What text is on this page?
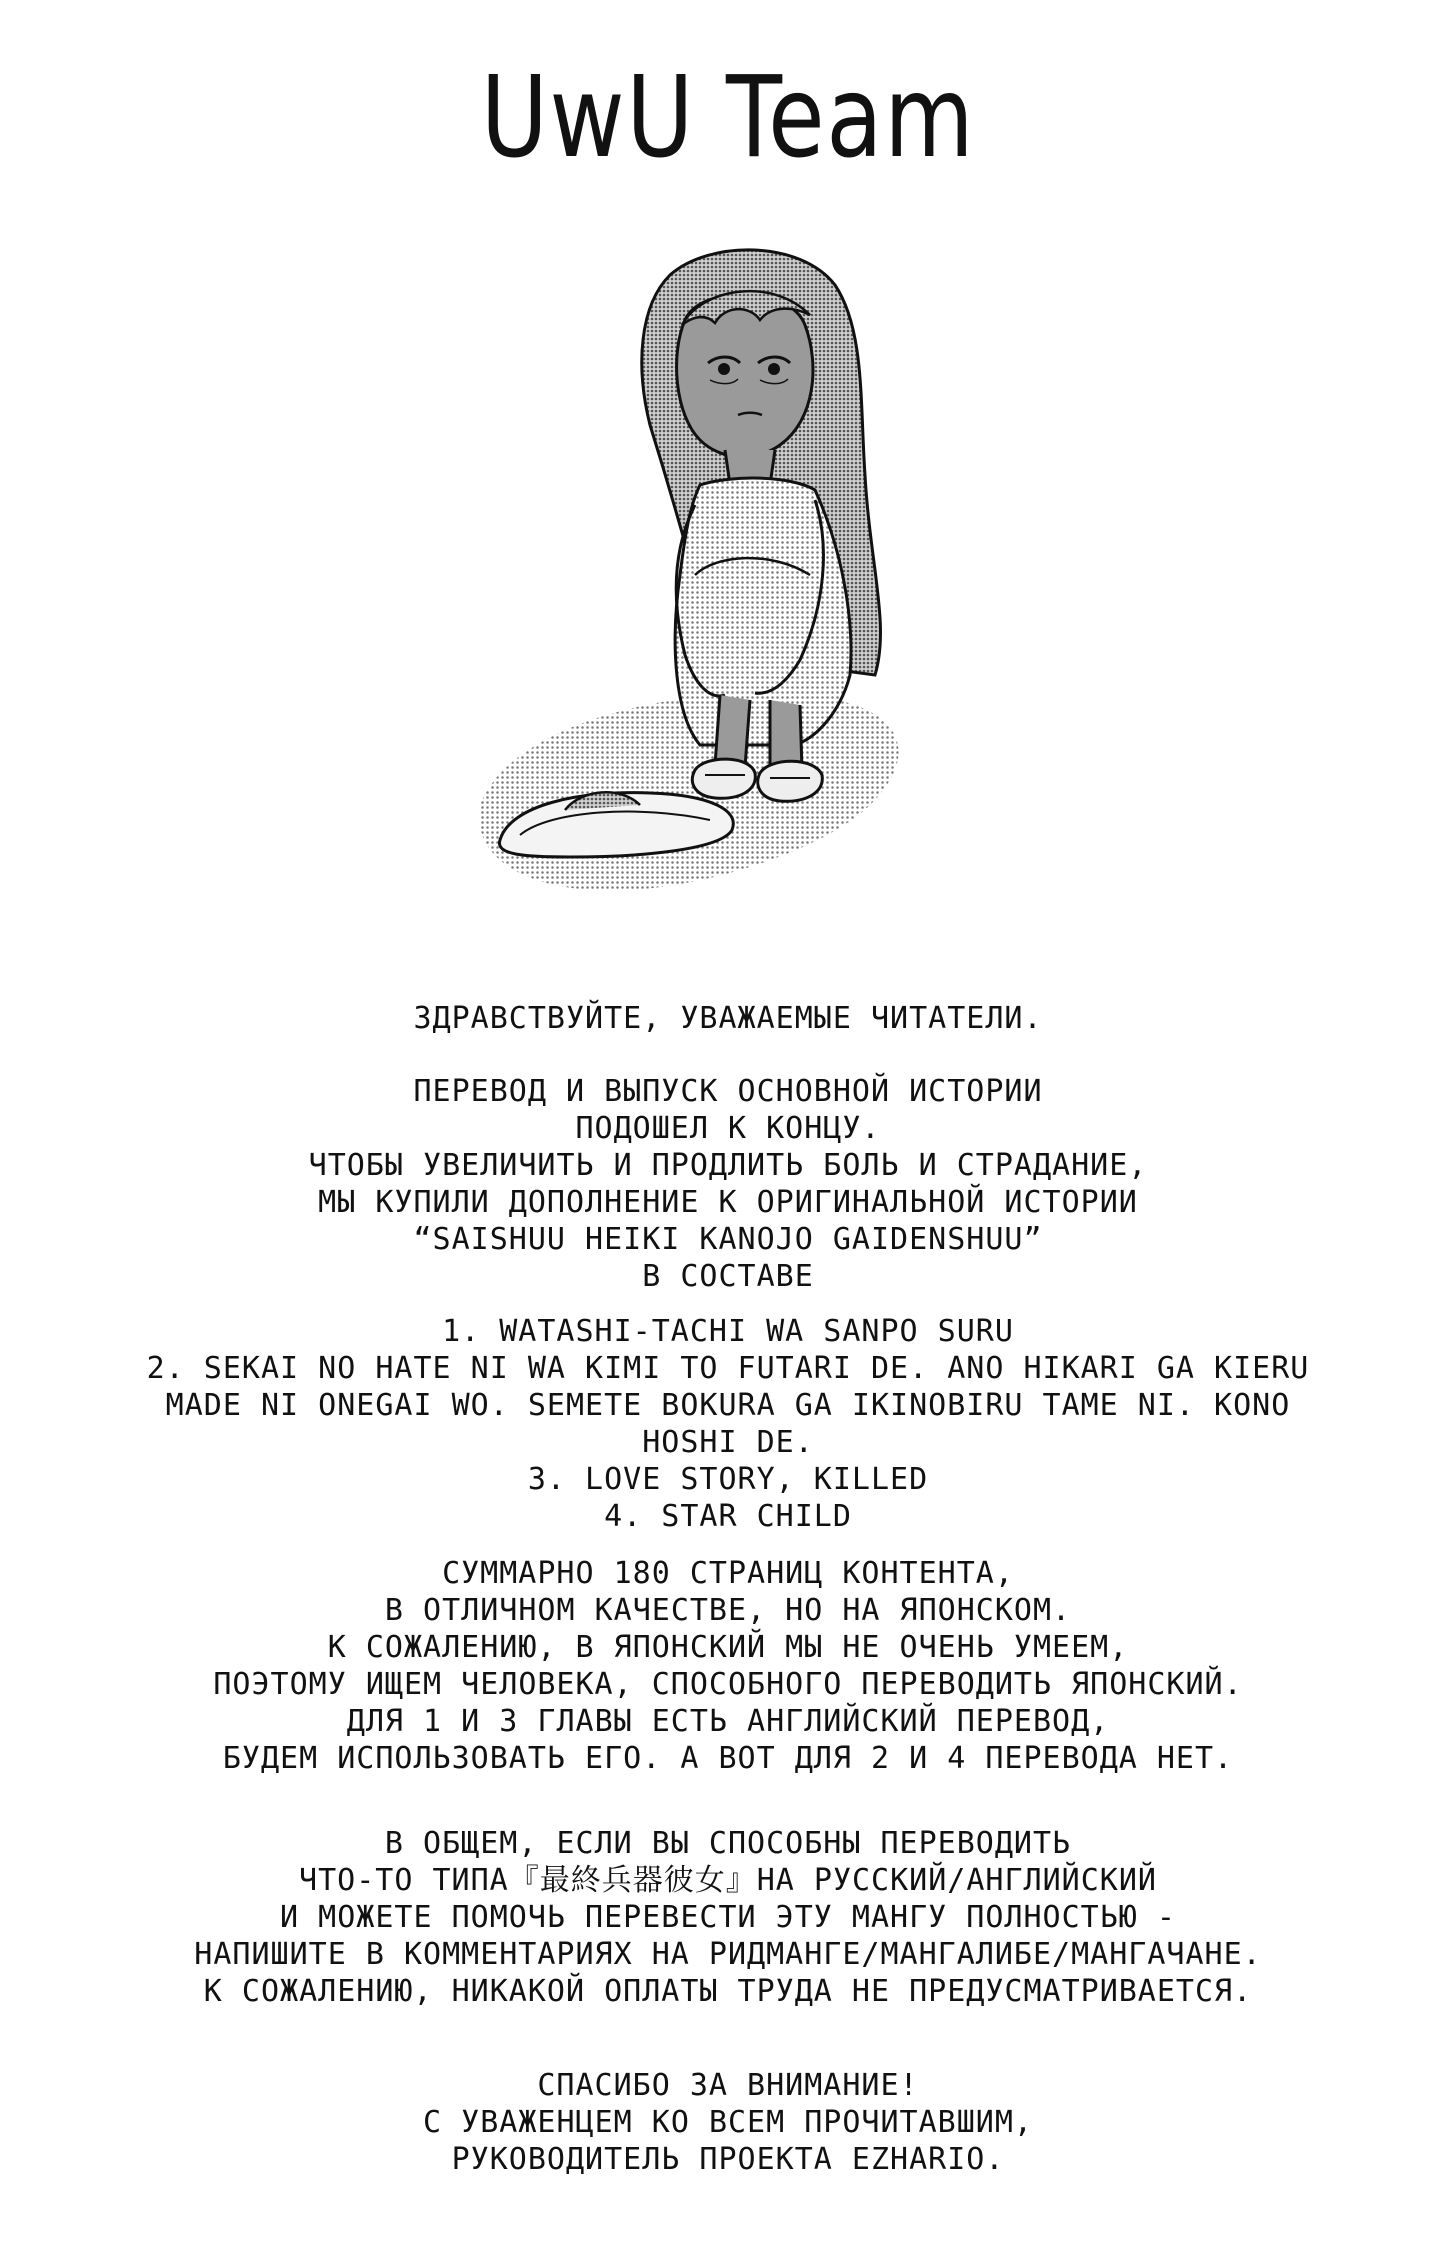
UwU Team
ЗДРАВСТВУЙТЕ, УВАЖАЕМЫЕ ЧИТАТЕЛИ.
ПЕРЕВОД И ВЫПУСК ОСНОВНОЙ ИСТОРИИ
ПОДОШЕЛ К КОНЦУ.
ЧТОБЫ УВЕЛИЧИТЬ И ПРОДЛИТЬ БОЛЬ И СТРАДАНИЕ,
МЫ КУПИЛИ ДОПОЛНЕНИЕ К ОРИГИНАЛЬНОЙ ИСТОРИИ
“SAISHUU HEIKI KANOJO GAIDENSHUU”
В СОСТАВЕ
1. WATASHI-TACHI WA SANPO SURU
2. SEKAI NO HATE NI WA KIMI TO FUTARI DE. ANO HIKARI GA KIERU
MADE NI ONEGAI WO. SEMETE BOKURA GA IKINOBIRU TAME NI. KONO
HOSHI DE.
3. LOVE STORY, KILLED
4. STAR CHILD
СУММАРНО 180 СТРАНИЦ КОНТЕНТА,
В ОТЛИЧНОМ КАЧЕСТВЕ, НО НА ЯПОНСКОМ.
К СОЖАЛЕНИЮ, В ЯПОНСКИЙ МЫ НЕ ОЧЕНЬ УМЕЕМ,
ПОЭТОМУ ИЩЕМ ЧЕЛОВЕКА, СПОСОБНОГО ПЕРЕВОДИТЬ ЯПОНСКИЙ.
ДЛЯ 1 И 3 ГЛАВЫ ЕСТЬ АНГЛИЙСКИЙ ПЕРЕВОД,
БУДЕМ ИСПОЛЬЗОВАТЬ ЕГО. А ВОТ ДЛЯ 2 И 4 ПЕРЕВОДА НЕТ.
В ОБЩЕМ, ЕСЛИ ВЫ СПОСОБНЫ ПЕРЕВОДИТЬ
ЧТО-ТО ТИПА『最終兵器彼女』НА РУССКИЙ/АНГЛИЙСКИЙ
И МОЖЕТЕ ПОМОЧЬ ПЕРЕВЕСТИ ЭТУ МАНГУ ПОЛНОСТЬЮ -
НАПИШИТЕ В КОММЕНТАРИЯХ НА РИДМАНГЕ/МАНГАЛИБЕ/МАНГАЧАНЕ.
К СОЖАЛЕНИЮ, НИКАКОЙ ОПЛАТЫ ТРУДА НЕ ПРЕДУСМАТРИВАЕТСЯ.
СПАСИБО ЗА ВНИМАНИЕ!
С УВАЖЕНЦЕМ КО ВСЕМ ПРОЧИТАВШИМ,
РУКОВОДИТЕЛЬ ПРОЕКТА EZHARIO.
